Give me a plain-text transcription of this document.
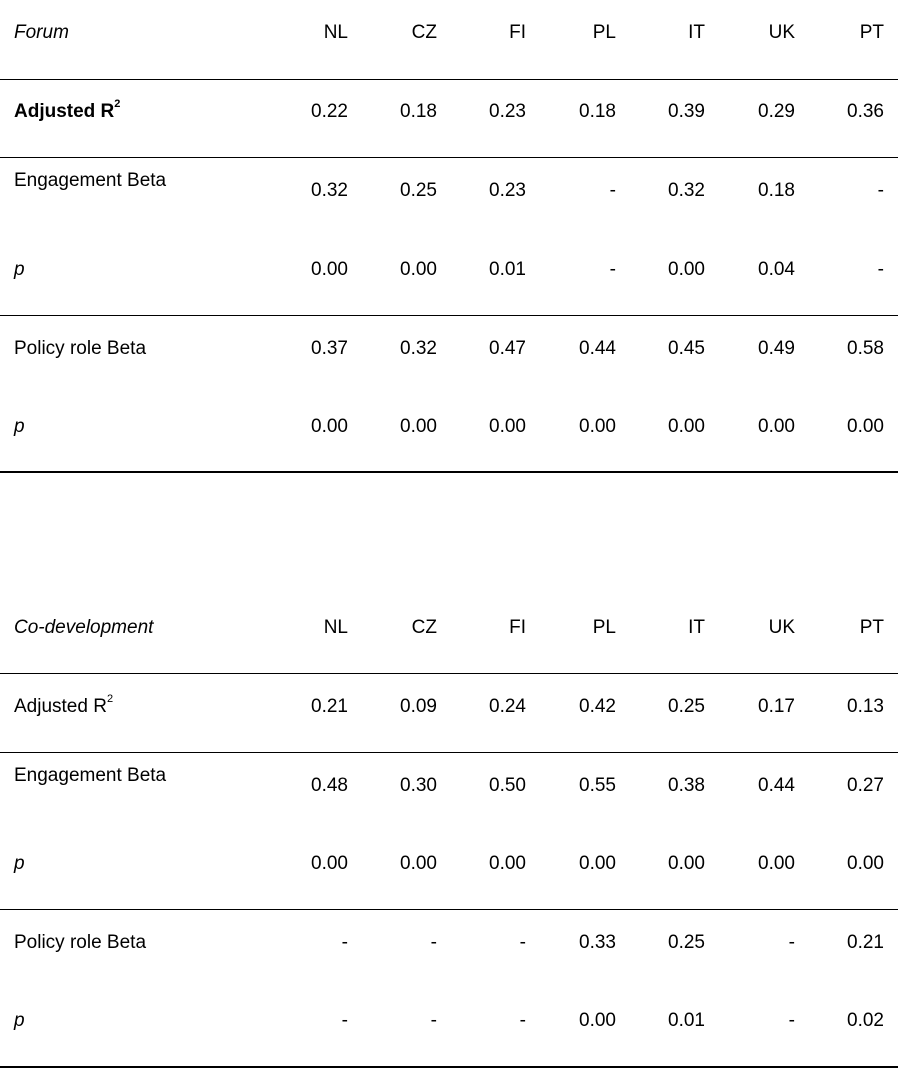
Forum	NL	CZ	FI	PL	IT	UK	PT
Adjusted $R^2$	0.22	0.18	0.23	0.18	0.39	0.29	0.36
Engagement Beta	0.32	0.25	0.23	-	0.32	0.18	-
p	0.00	0.00	0.01	-	0.00	0.04	-
Policy role Beta	0.37	0.32	0.47	0.44	0.45	0.49	0.58
p	0.00	0.00	0.00	0.00	0.00	0.00	0.00
Co-development	NL	CZ	FI	PL	IT	UK	PT
Adjusted $R^2$	0.21	0.09	0.24	0.42	0.25	0.17	0.13
Engagement Beta	0.48	0.30	0.50	0.55	0.38	0.44	0.27
p	0.00	0.00	0.00	0.00	0.00	0.00	0.00
Policy role Beta	-	-	-	0.33	0.25	-	0.21
p	-	-	-	0.00	0.01	-	0.02
